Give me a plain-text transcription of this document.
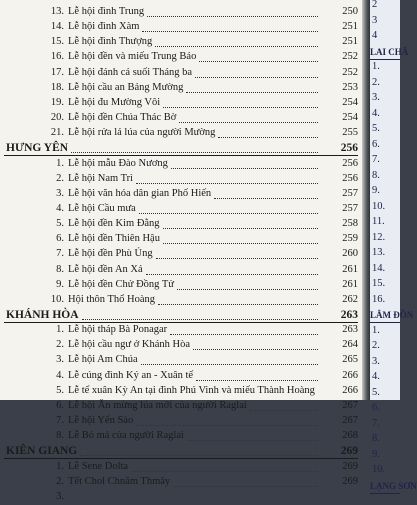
13. Lễ hội đình Trung	250
14. Lễ hội đình Xàm	251
15. Lễ hội đình Thượng	251
16. Lễ hội đền và miếu Trung Báo	252
17. Lễ hội đánh cá suối Tháng ba	252
18. Lễ hội cầu an Bảng Mường	253
19. Lễ hội đu Mường Vôi	254
20. Lễ hội đền Chúa Thác Bờ	254
21. Lễ hội rửa lá lúa của người Mường	255
HƯNG YÊN	256
1. Lễ hội mẫu Đào Nương	256
2. Lễ hội Nam Trì	256
3. Lễ hội văn hóa dân gian Phố Hiến	257
4. Lễ hội Cầu mưa	257
5. Lễ hội đền Kim Đằng	258
6. Lễ hội đền Thiên Hậu	259
7. Lễ hội đền Phù Ủng	260
8. Lễ hội đền An Xá	261
9. Lễ hội đền Chử Đồng Tử	261
10. Hội thôn Thổ Hoàng	262
KHÁNH HÒA	263
1. Lễ hội tháp Bà Ponagar	263
2. Lễ hội cầu ngư ở Khánh Hòa	264
3. Lễ hội Am Chúa	265
4. Lễ cúng đình Ký an - Xuân tế	266
5. Lễ tế xuân Kỳ An tại đình Phú Vinh và miếu Thành Hoàng	266
6. Lễ hội Ăn mừng lúa mới của người Raglai	267
7. Lễ hội Yến Sào	267
8. Lễ Bỏ mả của người Raglai	268
KIÊN GIANG	269
1. Lễ Sene Dolta	269
2. Tết Chol Chnăm Thmây	269
3.
2
3
4
LAI CHÂ
1.
2.
3.
4.
5.
6.
7.
8.
9.
10.
11.
12.
13.
14.
15.
16.
LÂM ĐỒN
1.
2.
3.
4.
5.
6.
7.
8.
9.
10.
LẠNG SƠN
